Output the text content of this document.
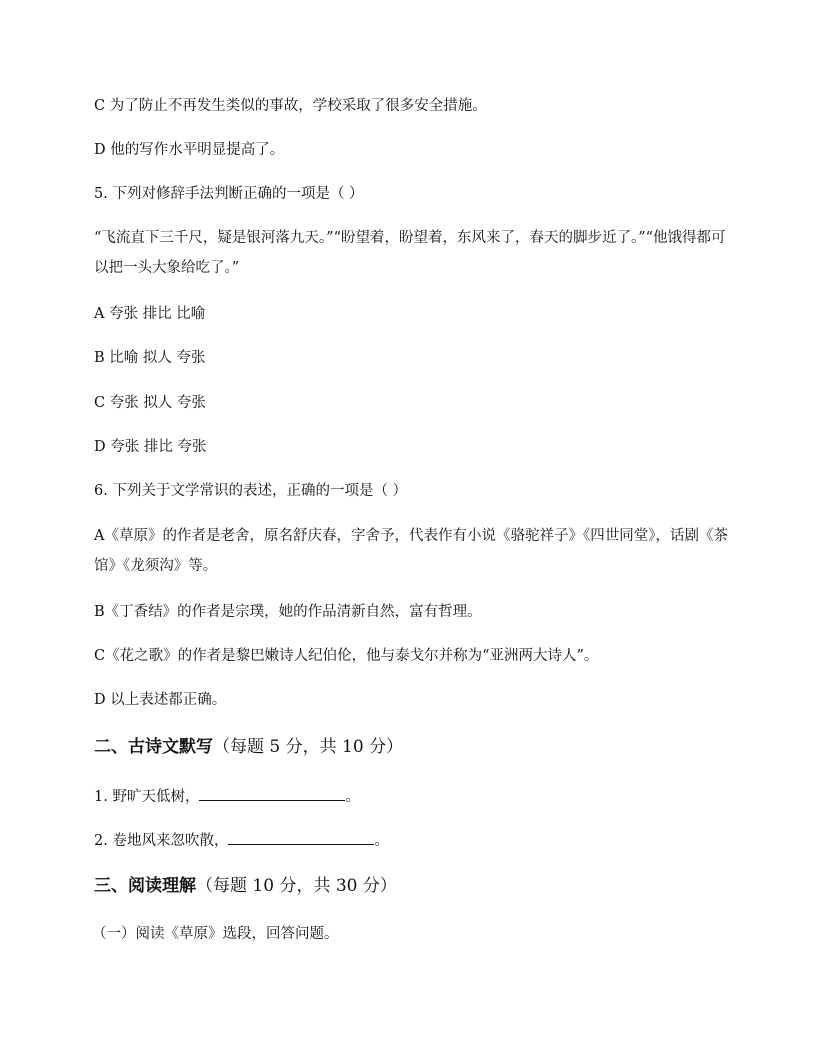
C 为了防止不再发生类似的事故，学校采取了很多安全措施。

D 他的写作水平明显提高了。

5. 下列对修辞手法判断正确的一项是（ ）

“飞流直下三千尺，疑是银河落九天。”“盼望着，盼望着，东风来了，春天的脚步近了。”“他饿得都可以把一头大象给吃了。”

A 夸张 排比 比喻

B 比喻 拟人 夸张

C 夸张 拟人 夸张

D 夸张 排比 夸张

6. 下列关于文学常识的表述，正确的一项是（ ）

A《草原》的作者是老舍，原名舒庆春，字舍予，代表作有小说《骆驼祥子》《四世同堂》，话剧《茶馆》《龙须沟》等。

B《丁香结》的作者是宗璞，她的作品清新自然，富有哲理。

C《花之歌》的作者是黎巴嫩诗人纪伯伦，他与泰戈尔并称为“亚洲两大诗人”。

D 以上表述都正确。

二、古诗文默写（每题 5 分，共 10 分）

1. 野旷天低树，	。

2. 卷地风来忽吹散，	。

三、阅读理解（每题 10 分，共 30 分）

（一）阅读《草原》选段，回答问题。
